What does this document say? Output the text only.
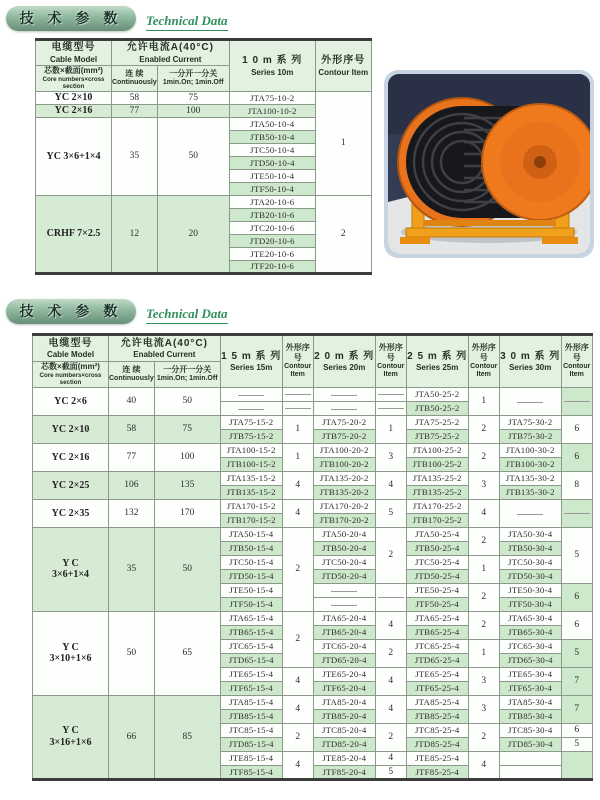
技 术 参 数	Technical Data
电缆型号
Cable Model

允许电流A(40°C)
Enabled Current	1 0 m 系 列
Series 10m

外形序号
Contour Item

芯数×截面(mm²)
Core numbers×cross section

连 续
Continuously

一分开一分关
1min.On; 1min.Off

YC 2×10	58	75	JTA75-10-2	1

YC 2×16	77	100	JTA100-10-2	

YC 3×6+1×4	35	50	JTA50-10-4	
			JTB50-10-4	
			JTC50-10-4	
			JTD50-10-4	
			JTE50-10-4	
			JTF50-10-4	

CRHF 7×2.5	12	20	JTA20-10-6	2
			JTB20-10-6	
			JTC20-10-6	
			JTD20-10-6	
			JTE20-10-6	
			JTF20-10-6	
技 术 参 数	Technical Data
电缆型号
Cable Model

允许电流A(40°C)
Enabled Current	1 5 m 系 列
Series 15m

外形序号
Contour
Item

2 0 m 系 列
Series 20m

外形序号
Contour
Item

2 5 m 系 列
Series 25m

外形序号
Contour
Item

3 0 m 系 列
Series 30m

外形序号
Contour
Item

芯数×截面(mm²)
Core numbers×cross section

连 续
Continuously

一分开一分关
1min.On; 1min.Off

YC 2×6	40	50					JTA50-25-2	1		
							JTB50-25-2			

YC 2×10	58	75	JTA75-15-2	1	JTA75-20-2	1	JTA75-25-2	2	JTA75-30-2	6
			JTB75-15-2		JTB75-20-2		JTB75-25-2		JTB75-30-2	

YC 2×16	77	100	JTA100-15-2	1	JTA100-20-2	3	JTA100-25-2	2	JTA100-30-2	6
			JTB100-15-2		JTB100-20-2		JTB100-25-2		JTB100-30-2	

YC 2×25	106	135	JTA135-15-2	4	JTA135-20-2	4	JTA135-25-2	3	JTA135-30-2	8
			JTB135-15-2		JTB135-20-2		JTB135-25-2		JTB135-30-2	

YC 2×35	132	170	JTA170-15-2	4	JTA170-20-2	5	JTA170-25-2	4		
			JTB170-15-2		JTB170-20-2		JTB170-25-2			

Y C
3×6+1×4	35	50	JTA50-15-4	2	JTA50-20-4	2	JTA50-25-4	2	JTA50-30-4	5
			JTB50-15-4		JTB50-20-4		JTB50-25-4		JTB50-30-4	
			JTC50-15-4		JTC50-20-4		JTC50-25-4	1	JTC50-30-4	
			JTD50-15-4		JTD50-20-4		JTD50-25-4		JTD50-30-4	
			JTE50-15-4				JTE50-25-4	2	JTE50-30-4	6
			JTF50-15-4				JTF50-25-4		JTF50-30-4	

Y C
3×10+1×6	50	65	JTA65-15-4	2	JTA65-20-4	4	JTA65-25-4	2	JTA65-30-4	6
			JTB65-15-4		JTB65-20-4		JTB65-25-4		JTB65-30-4	
			JTC65-15-4		JTC65-20-4	2	JTC65-25-4	1	JTC65-30-4	5
			JTD65-15-4		JTD65-20-4		JTD65-25-4		JTD65-30-4	
			JTE65-15-4	4	JTE65-20-4	4	JTE65-25-4	3	JTE65-30-4	7
			JTF65-15-4		JTF65-20-4		JTF65-25-4		JTF65-30-4	

Y C
3×16+1×6	66	85	JTA85-15-4	4	JTA85-20-4	4	JTA85-25-4	3	JTA85-30-4	7
			JTB85-15-4		JTB85-20-4		JTB85-25-4		JTB85-30-4	
			JTC85-15-4	2	JTC85-20-4	2	JTC85-25-4	2	JTC85-30-4	6
			JTD85-15-4		JTD85-20-4		JTD85-25-4		JTD85-30-4	5
			JTE85-15-4	4	JTE85-20-4	4	JTE85-25-4	4		
			JTF85-15-4		JTF85-20-4	5	JTF85-25-4			
